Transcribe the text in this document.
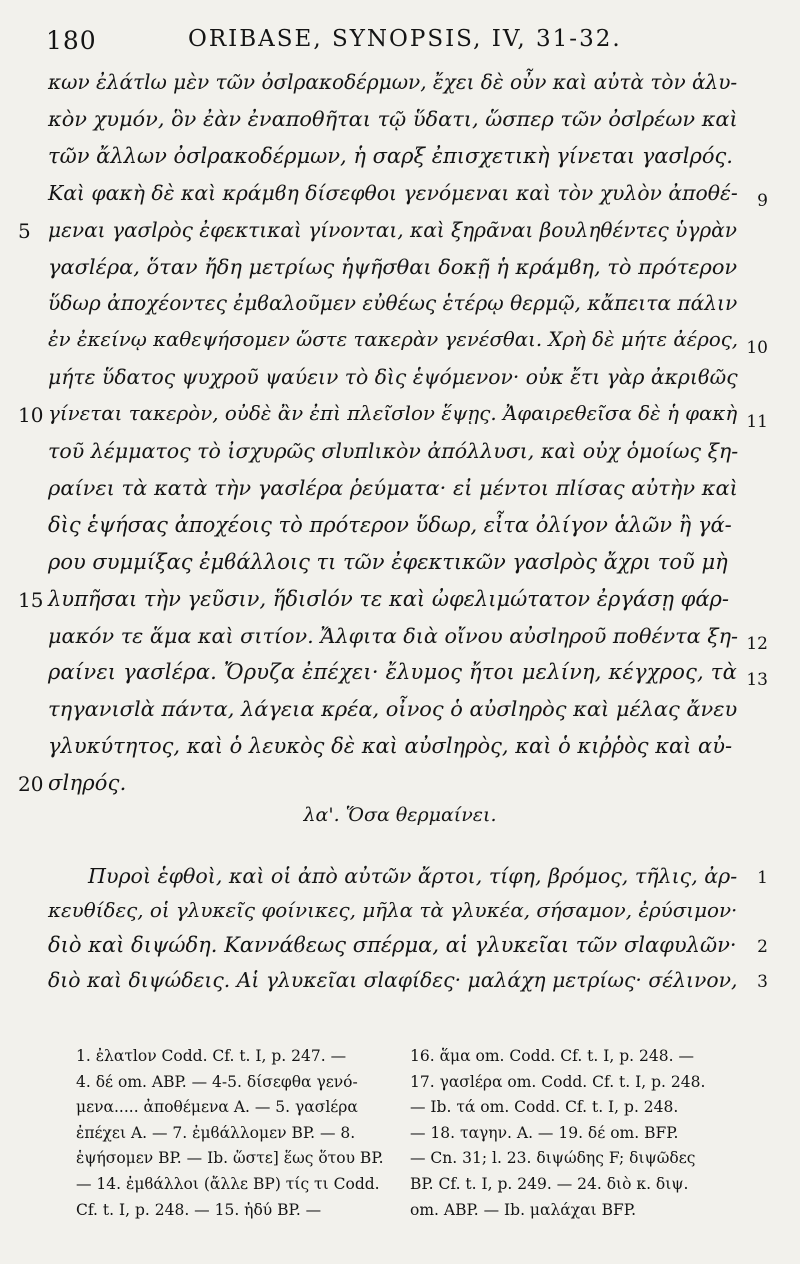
180	ORIBASE, SYNOPSIS, IV, 31-32.
κων ἐλάτlω μὲν τῶν ὀσlρακοδέρμων, ἔχει δὲ οὖν καὶ αὐτὰ τὸν ἁλυ-
κὸν χυμόν, ὃν ἐὰν ἐναποθῆται τῷ ὕδατι, ὥσπερ τῶν ὀσlρέων καὶ
τῶν ἄλλων ὀσlρακοδέρμων, ἡ σαρξ ἐπισχετικὴ γίνεται γασlρός.
Καὶ φακὴ δὲ καὶ κράμϐη δίσεφθοι γενόμεναι καὶ τὸν χυλὸν ἀποθέ- 9
μεναι γασlρὸς ἐφεκτικαὶ γίνονται, καὶ ξηρᾶναι βουληθέντες ὑγρὰν
5
γασlέρα, ὅταν ἤδη μετρίως ἡψῆσθαι δοκῇ ἡ κράμϐη, τὸ πρότερον
ὕδωρ ἀποχέοντες ἐμϐαλοῦμεν εὐθέως ἑτέρῳ θερμῷ, κἄπειτα πάλιν
ἐν ἐκείνῳ καθεψήσομεν ὥστε τακερὰν γενέσθαι. Χρὴ δὲ μήτε ἀέρος, 10
μήτε ὕδατος ψυχροῦ ψαύειν τὸ δὶς ἑψόμενον· οὐκ ἔτι γὰρ ἀκριϐῶς
γίνεται τακερὸν, οὐδὲ ἂν ἐπὶ πλεῖσlον ἕψῃς. Ἀφαιρεθεῖσα δὲ ἡ φακὴ
10	11
τοῦ λέμματος τὸ ἰσχυρῶς σlυπlικὸν ἀπόλλυσι, καὶ οὐχ ὁμοίως ξη-
ραίνει τὰ κατὰ τὴν γασlέρα ῥεύματα· εἰ μέντοι πlίσας αὐτὴν καὶ
δὶς ἑψήσας ἀποχέοις τὸ πρότερον ὕδωρ, εἶτα ὀλίγον ἁλῶν ἢ γά-
ρου συμμίξας ἐμϐάλλοις τι τῶν ἐφεκτικῶν γασlρὸς ἄχρι τοῦ μὴ
λυπῆσαι τὴν γεῦσιν, ἥδισlόν τε καὶ ὠφελιμώτατον ἐργάσῃ φάρ-
15
μακόν τε ἅμα καὶ σιτίον. Ἄλφιτα διὰ οἴνου αὐσlηροῦ ποθέντα ξη- 12
ραίνει γασlέρα. Ὄρυζα ἐπέχει· ἔλυμος ἤτοι μελίνη, κέγχρος, τὰ 13
τηγανισlὰ πάντα, λάγεια κρέα, οἶνος ὁ αὐσlηρὸς καὶ μέλας ἄνευ
γλυκύτητος, καὶ ὁ λευκὸς δὲ καὶ αὐσlηρὸς, καὶ ὁ κιῤῥὸς καὶ αὐ-
σlηρός.
20
λα'. Ὅσα θερμαίνει.
Πυροὶ ἑφθοὶ, καὶ οἱ ἀπὸ αὐτῶν ἄρτοι, τίφη, βρόμος, τῆλις, ἀρ- 1
κευθίδες, οἱ γλυκεῖς φοίνικες, μῆλα τὰ γλυκέα, σήσαμον, ἐρύσιμον·
διὸ καὶ διψώδη. Καννάϐεως σπέρμα, αἱ γλυκεῖαι τῶν σlαφυλῶν· 2
διὸ καὶ διψώδεις. Αἱ γλυκεῖαι σlαφίδες· μαλάχη μετρίως· σέλινον, 3
1. ἐλατlον Codd. Cf. t. I, p. 247. —
4. δέ om. ABP. — 4-5. δίσεφθα γενό-
μενα..... ἀποθέμενα A. — 5. γασlέρα
ἐπέχει A. — 7. ἐμϐάλλομεν BP. — 8.
ἑψήσομεν BP. — Ib. ὥστε] ἕως ὅτου BP.
— 14. ἐμϐάλλοι (ἄλλε BP) τίς τι Codd.
Cf. t. I, p. 248. — 15. ἡδύ BP. —
16. ἅμα om. Codd. Cf. t. I, p. 248. —
17. γασlέρα om. Codd. Cf. t. I, p. 248.
— Ib. τά om. Codd. Cf. t. I, p. 248.
— 18. ταγην. A. — 19. δέ om. BFP.
— Cn. 31; l. 23. διψώδης F; διψῶδες
BP. Cf. t. I, p. 249. — 24. διὸ κ. διψ.
om. ABP. — Ib. μαλάχαι BFP.
